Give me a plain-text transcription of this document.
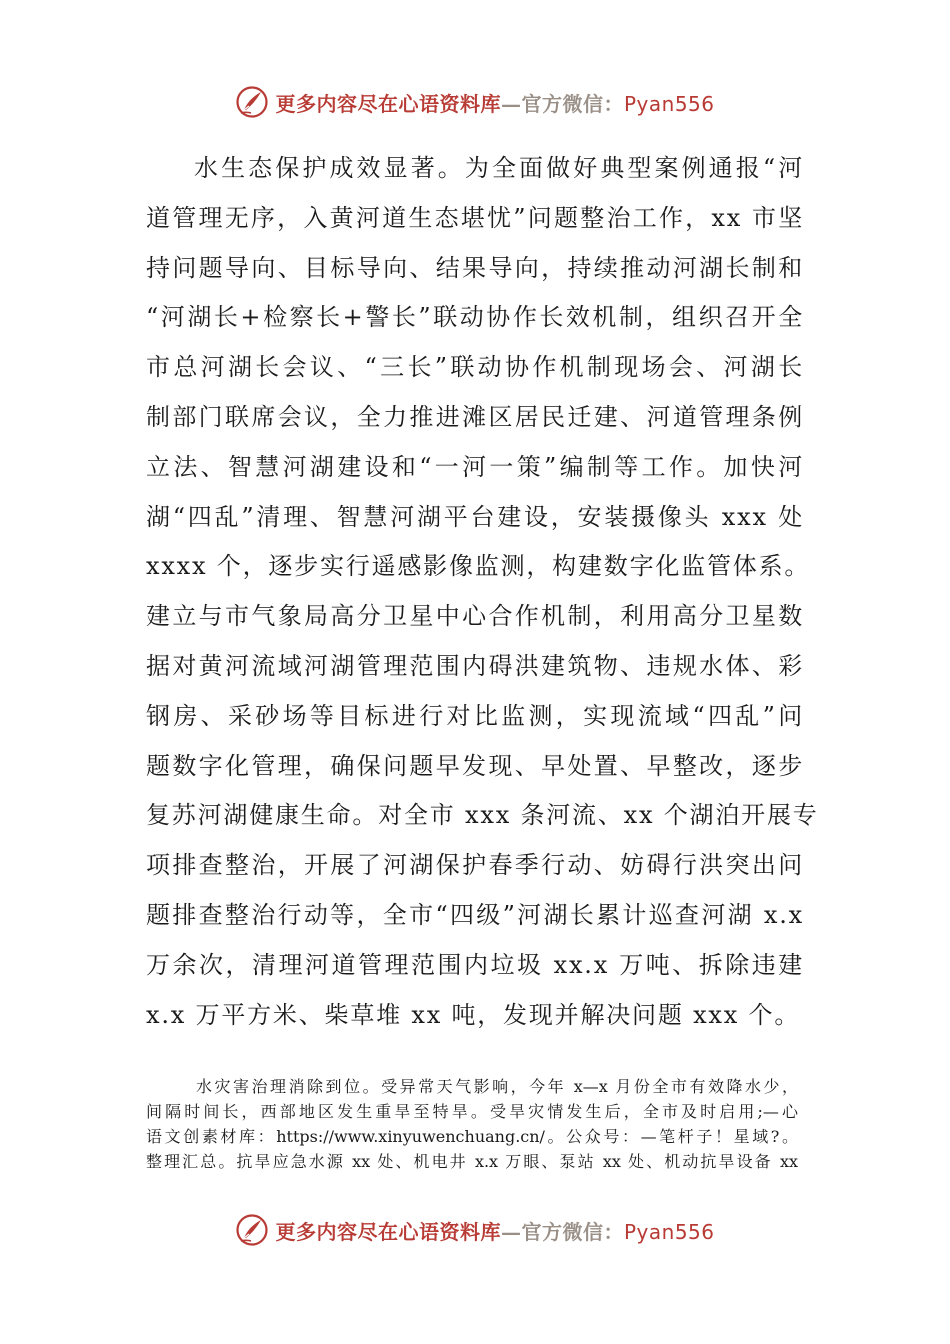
更多内容尽在心语资料库—官方微信：Pyan556
水生态保护成效显著。为全面做好典型案例通报“河
道管理无序，入黄河道生态堪忧”问题整治工作，xx 市坚
持问题导向、目标导向、结果导向，持续推动河湖长制和
“河湖长+检察长+警长”联动协作长效机制，组织召开全
市总河湖长会议、“三长”联动协作机制现场会、河湖长
制部门联席会议，全力推进滩区居民迁建、河道管理条例
立法、智慧河湖建设和“一河一策”编制等工作。加快河
湖“四乱”清理、智慧河湖平台建设，安装摄像头 xxx 处
xxxx 个，逐步实行遥感影像监测，构建数字化监管体系。
建立与市气象局高分卫星中心合作机制，利用高分卫星数
据对黄河流域河湖管理范围内碍洪建筑物、违规水体、彩
钢房、采砂场等目标进行对比监测，实现流域“四乱”问
题数字化管理，确保问题早发现、早处置、早整改，逐步
复苏河湖健康生命。对全市 xxx 条河流、xx 个湖泊开展专
项排查整治，开展了河湖保护春季行动、妨碍行洪突出问
题排查整治行动等，全市“四级”河湖长累计巡查河湖 x.x
万余次，清理河道管理范围内垃圾 xx.x 万吨、拆除违建
x.x 万平方米、柴草堆 xx 吨，发现并解决问题 xxx 个。
水灾害治理消除到位。受异常天气影响，今年 x—x 月份全市有效降水少，
间隔时间长，西部地区发生重旱至特旱。受旱灾情发生后，全市及时启用;—心
语文创素材库：https://www.xinyuwenchuang.cn/。公众号：—笔杆子！星域?。
整理汇总。抗旱应急水源 xx 处、机电井 x.x 万眼、泵站 xx 处、机动抗旱设备 xx
更多内容尽在心语资料库—官方微信：Pyan556
